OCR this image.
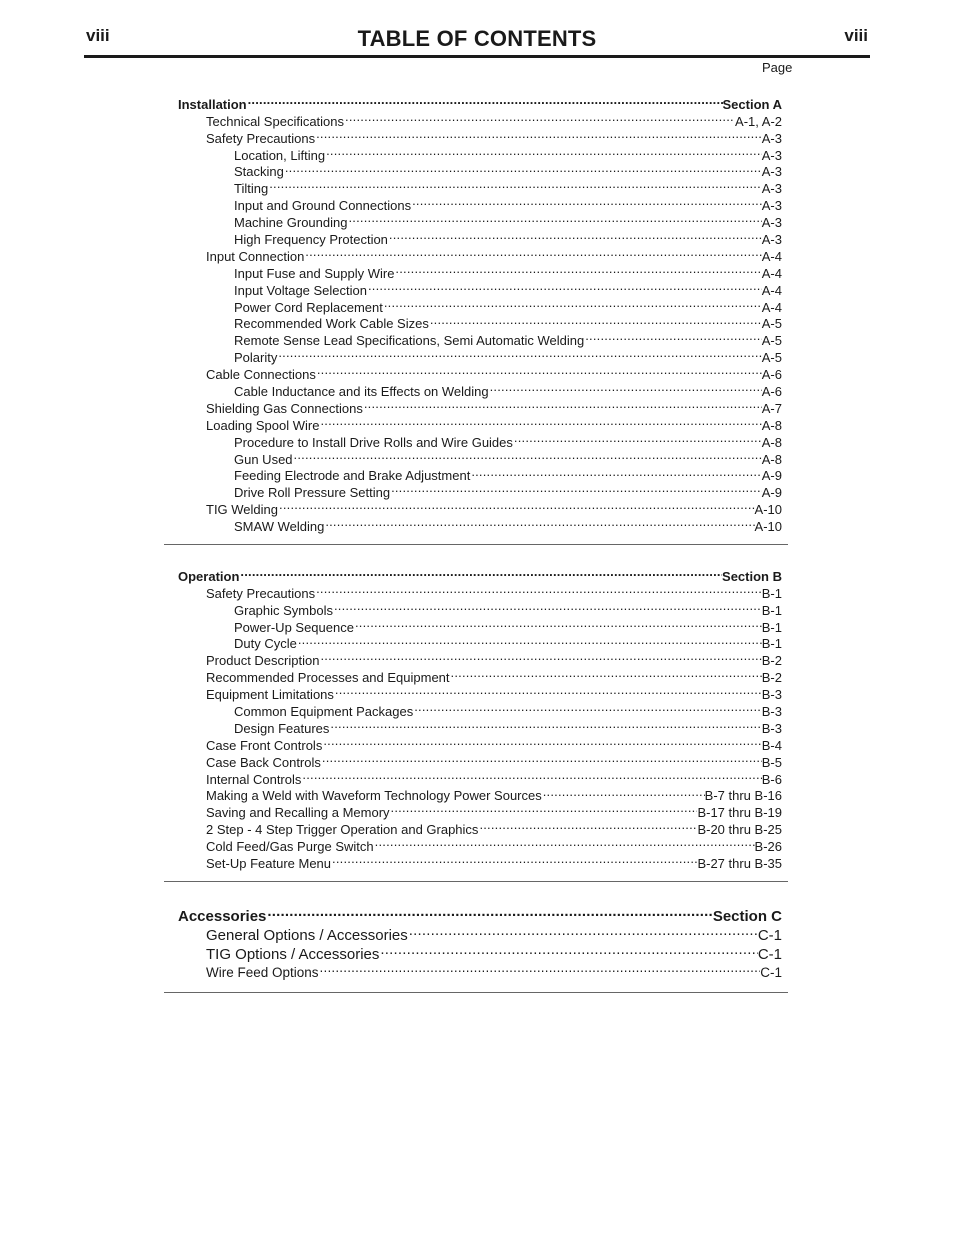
viii	TABLE OF CONTENTS	viii
Page
Installation .....	Section A
Technical Specifications .....	A-1, A-2
Safety Precautions .....	A-3
Location, Lifting .....	A-3
Stacking .....	A-3
Tilting .....	A-3
Input and Ground Connections .....	A-3
Machine Grounding .....	A-3
High Frequency Protection .....	A-3
Input Connection .....	A-4
Input Fuse and Supply Wire .....	A-4
Input Voltage Selection .....	A-4
Power Cord Replacement .....	A-4
Recommended Work Cable Sizes .....	A-5
Remote Sense Lead Specifications, Semi Automatic Welding .....	A-5
Polarity .....	A-5
Cable Connections .....	A-6
Cable Inductance and its Effects on Welding .....	A-6
Shielding Gas Connections .....	A-7
Loading Spool Wire .....	A-8
Procedure to Install Drive Rolls and Wire Guides .....	A-8
Gun Used .....	A-8
Feeding Electrode and Brake Adjustment .....	A-9
Drive Roll Pressure Setting .....	A-9
TIG Welding .....	A-10
SMAW Welding .....	A-10
Operation .....	Section B
Safety Precautions .....	B-1
Graphic Symbols .....	B-1
Power-Up Sequence .....	B-1
Duty Cycle .....	B-1
Product Description .....	B-2
Recommended Processes and Equipment .....	B-2
Equipment Limitations .....	B-3
Common Equipment Packages .....	B-3
Design Features .....	B-3
Case Front Controls .....	B-4
Case Back Controls .....	B-5
Internal Controls .....	B-6
Making a Weld with Waveform Technology Power Sources .....	B-7 thru B-16
Saving and Recalling a Memory .....	B-17 thru B-19
2 Step - 4 Step Trigger Operation and Graphics .....	B-20 thru B-25
Cold Feed/Gas Purge Switch .....	B-26
Set-Up Feature Menu .....	B-27 thru B-35
Accessories .....	Section C
General Options / Accessories .....	C-1
TIG Options / Accessories .....	C-1
Wire Feed Options .....	C-1
